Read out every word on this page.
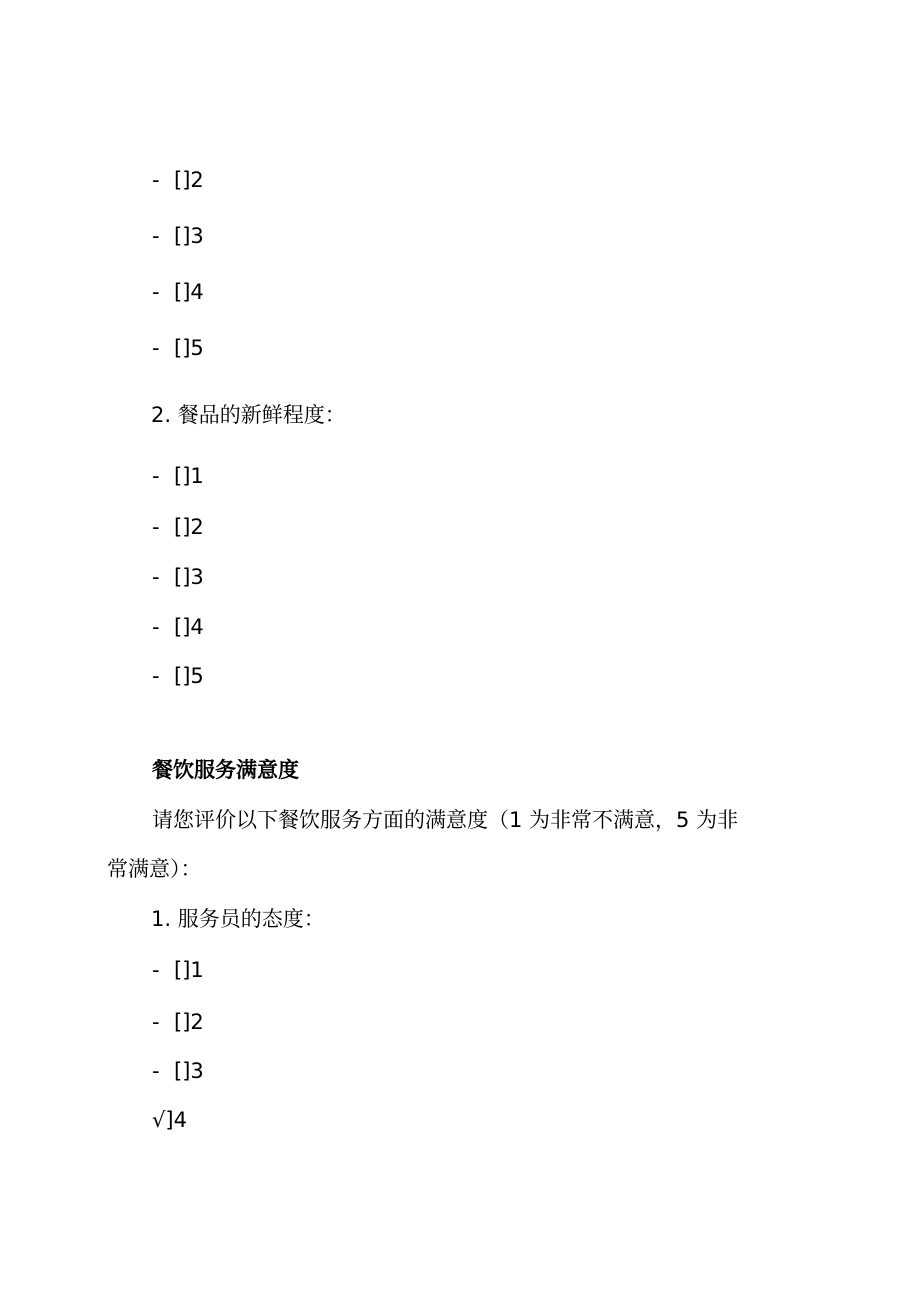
- []2
- []3
- []4
- []5
2. 餐品的新鲜程度：
- []1
- []2
- []3
- []4
- []5
餐饮服务满意度
请您评价以下餐饮服务方面的满意度（1 为非常不满意，5 为非
常满意）：
1. 服务员的态度：
- []1
- []2
- []3
√]4
